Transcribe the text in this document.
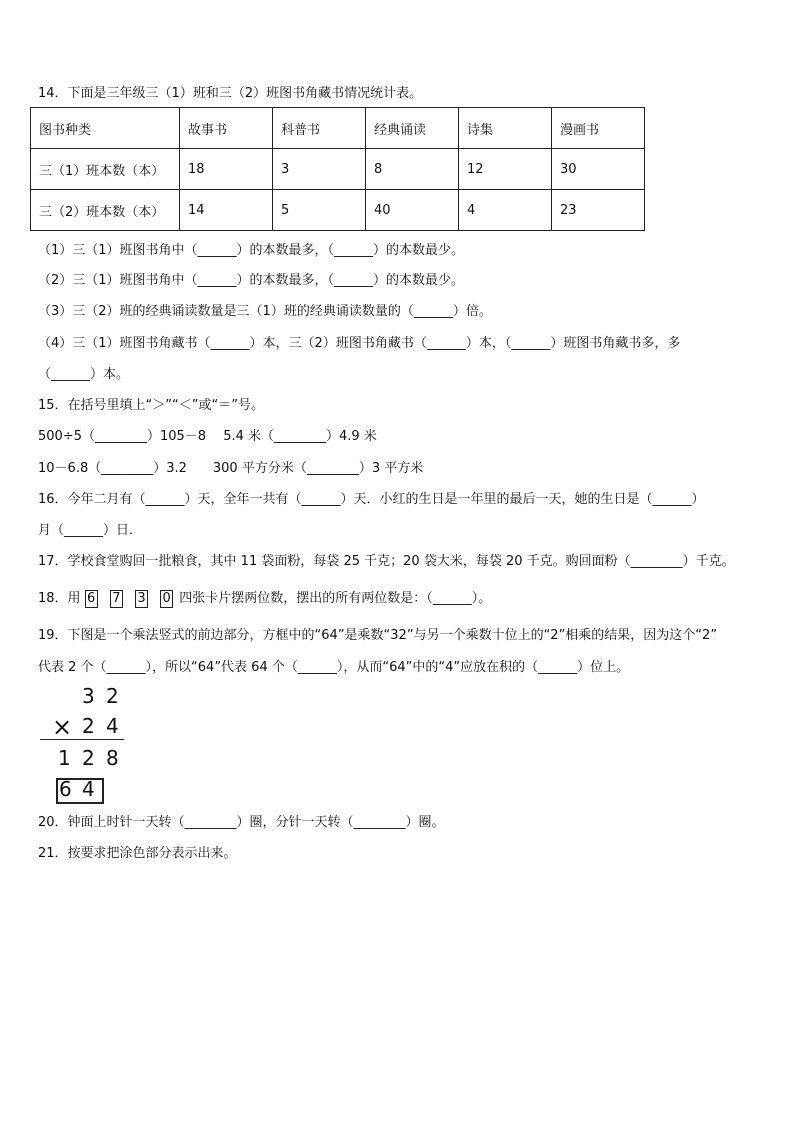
14．下面是三年级三（1）班和三（2）班图书角藏书情况统计表。
图书种类	故事书	科普书	经典诵读	诗集	漫画书
三（1）班本数（本）	18	3	8	12	30
三（2）班本数（本）	14	5	40	4	23
（1）三（1）班图书角中（______）的本数最多，（______）的本数最少。
（2）三（1）班图书角中（______）的本数最多，（______）的本数最少。
（3）三（2）班的经典诵读数量是三（1）班的经典诵读数量的（______）倍。
（4）三（1）班图书角藏书（______）本，三（2）班图书角藏书（______）本，（______）班图书角藏书多，多
（______）本。
15．在括号里填上“＞”“＜”或“＝”号。
500÷5（________）105－8　 5.4 米（________）4.9 米
10－6.8（________）3.2　　300 平方分米（________）3 平方米
16．今年二月有（______）天，全年一共有（______）天．小红的生日是一年里的最后一天，她的生日是（______）
月（______）日．
17．学校食堂购回一批粮食，其中 11 袋面粉，每袋 25 千克；20 袋大米，每袋 20 千克。购回面粉（________）千克。
18．用 6 7 3 0 四张卡片摆两位数，摆出的所有两位数是：（______）。
19．下图是一个乘法竖式的前边部分，方框中的“64”是乘数“32”与另一个乘数十位上的“2”相乘的结果，因为这个“2”
代表 2 个（______），所以“64”代表 64 个（______），从而“64”中的“4”应放在积的（______）位上。
3 2
× 2 4
1 2 8
6 4
20．钟面上时针一天转（________）圈，分针一天转（________）圈。
21．按要求把涂色部分表示出来。
